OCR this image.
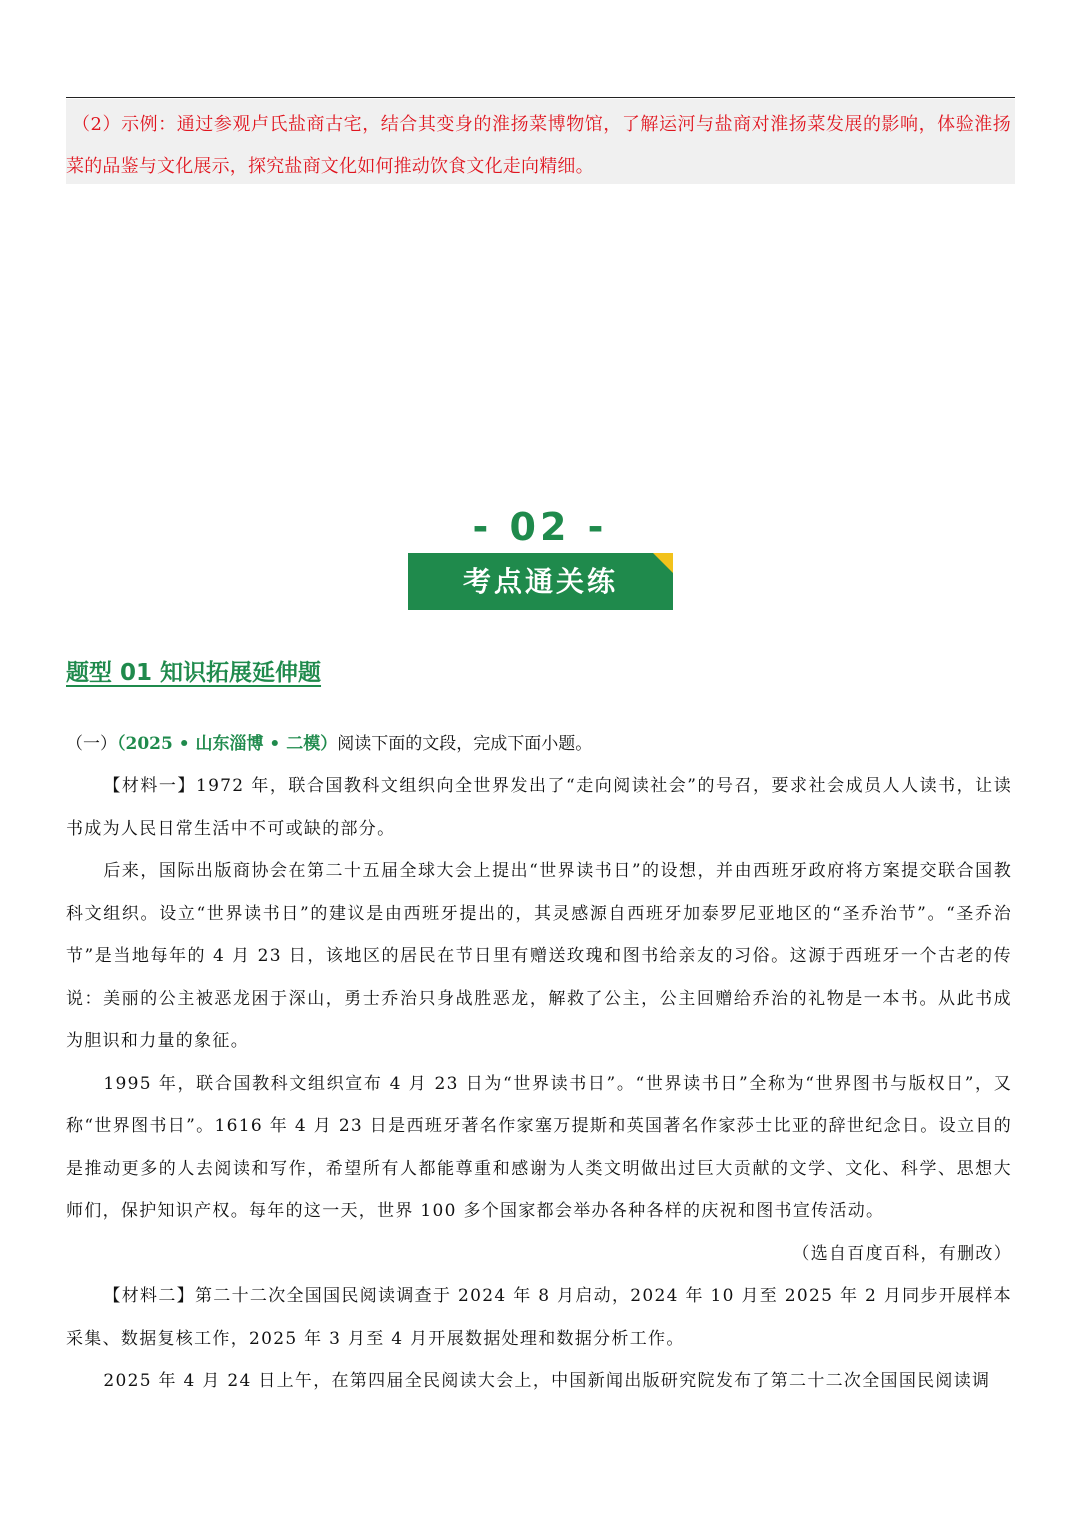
（2）示例：通过参观卢氏盐商古宅，结合其变身的淮扬菜博物馆，了解运河与盐商对淮扬菜发展的影响，体验淮扬菜的品鉴与文化展示，探究盐商文化如何推动饮食文化走向精细。
- 02 -
考点通关练
题型 01 知识拓展延伸题
（一）（2025 • 山东淄博 • 二模）阅读下面的文段，完成下面小题。

【材料一】1972 年，联合国教科文组织向全世界发出了“走向阅读社会”的号召，要求社会成员人人读书，让读书成为人民日常生活中不可或缺的部分。

后来，国际出版商协会在第二十五届全球大会上提出“世界读书日”的设想，并由西班牙政府将方案提交联合国教科文组织。设立“世界读书日”的建议是由西班牙提出的，其灵感源自西班牙加泰罗尼亚地区的“圣乔治节”。“圣乔治节”是当地每年的 4 月 23 日，该地区的居民在节日里有赠送玫瑰和图书给亲友的习俗。这源于西班牙一个古老的传说：美丽的公主被恶龙困于深山，勇士乔治只身战胜恶龙，解救了公主，公主回赠给乔治的礼物是一本书。从此书成为胆识和力量的象征。

1995 年，联合国教科文组织宣布 4 月 23 日为“世界读书日”。“世界读书日”全称为“世界图书与版权日”，又称“世界图书日”。1616 年 4 月 23 日是西班牙著名作家塞万提斯和英国著名作家莎士比亚的辞世纪念日。设立目的是推动更多的人去阅读和写作，希望所有人都能尊重和感谢为人类文明做出过巨大贡献的文学、文化、科学、思想大师们，保护知识产权。每年的这一天，世界 100 多个国家都会举办各种各样的庆祝和图书宣传活动。

（选自百度百科，有删改）

【材料二】第二十二次全国国民阅读调查于 2024 年 8 月启动，2024 年 10 月至 2025 年 2 月同步开展样本采集、数据复核工作，2025 年 3 月至 4 月开展数据处理和数据分析工作。

2025 年 4 月 24 日上午，在第四届全民阅读大会上，中国新闻出版研究院发布了第二十二次全国国民阅读调
